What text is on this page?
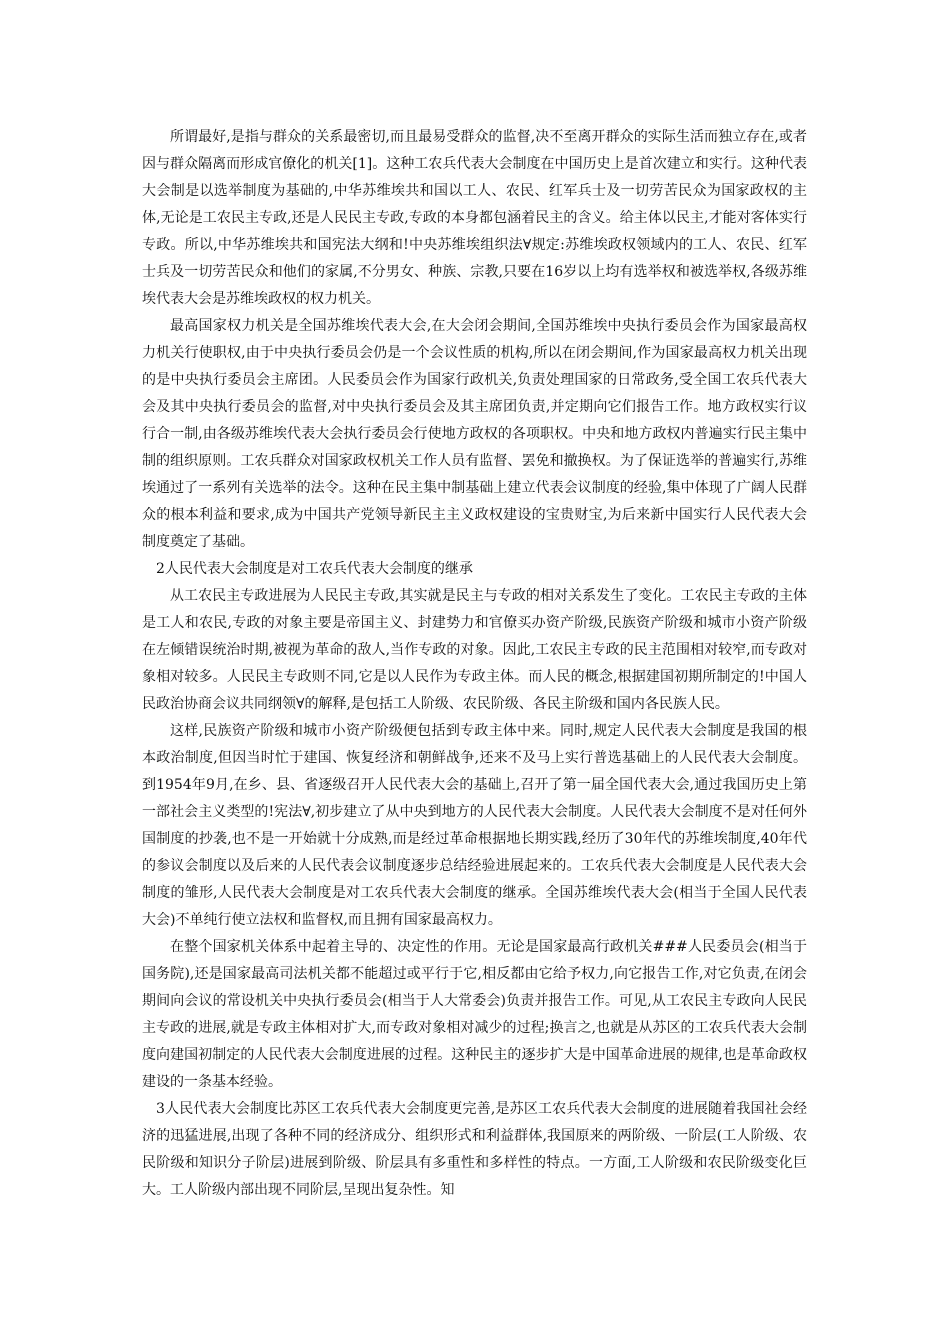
所谓最好,是指与群众的关系最密切,而且最易受群众的监督,决不至离开群众的实际生活而独立存在,或者因与群众隔离而形成官僚化的机关[1]。这种工农兵代表大会制度在中国历史上是首次建立和实行。这种代表大会制是以选举制度为基础的,中华苏维埃共和国以工人、农民、红军兵士及一切劳苦民众为国家政权的主体,无论是工农民主专政,还是人民民主专政,专政的本身都包涵着民主的含义。给主体以民主,才能对客体实行专政。所以,中华苏维埃共和国宪法大纲和!中央苏维埃组织法∀规定:苏维埃政权领域内的工人、农民、红军士兵及一切劳苦民众和他们的家属,不分男女、种族、宗教,只要在16岁以上均有选举权和被选举权,各级苏维埃代表大会是苏维埃政权的权力机关。

最高国家权力机关是全国苏维埃代表大会,在大会闭会期间,全国苏维埃中央执行委员会作为国家最高权力机关行使职权,由于中央执行委员会仍是一个会议性质的机构,所以在闭会期间,作为国家最高权力机关出现的是中央执行委员会主席团。人民委员会作为国家行政机关,负责处理国家的日常政务,受全国工农兵代表大会及其中央执行委员会的监督,对中央执行委员会及其主席团负责,并定期向它们报告工作。地方政权实行议行合一制,由各级苏维埃代表大会执行委员会行使地方政权的各项职权。中央和地方政权内普遍实行民主集中制的组织原则。工农兵群众对国家政权机关工作人员有监督、罢免和撤换权。为了保证选举的普遍实行,苏维埃通过了一系列有关选举的法令。这种在民主集中制基础上建立代表会议制度的经验,集中体现了广阔人民群众的根本利益和要求,成为中国共产党领导新民主主义政权建设的宝贵财宝,为后来新中国实行人民代表大会制度奠定了基础。

2人民代表大会制度是对工农兵代表大会制度的继承

从工农民主专政进展为人民民主专政,其实就是民主与专政的相对关系发生了变化。工农民主专政的主体是工人和农民,专政的对象主要是帝国主义、封建势力和官僚买办资产阶级,民族资产阶级和城市小资产阶级在左倾错误统治时期,被视为革命的敌人,当作专政的对象。因此,工农民主专政的民主范围相对较窄,而专政对象相对较多。人民民主专政则不同,它是以人民作为专政主体。而人民的概念,根据建国初期所制定的!中国人民政治协商会议共同纲领∀的解释,是包括工人阶级、农民阶级、各民主阶级和国内各民族人民。

这样,民族资产阶级和城市小资产阶级便包括到专政主体中来。同时,规定人民代表大会制度是我国的根本政治制度,但因当时忙于建国、恢复经济和朝鲜战争,还来不及马上实行普选基础上的人民代表大会制度。到1954年9月,在乡、县、省逐级召开人民代表大会的基础上,召开了第一届全国代表大会,通过我国历史上第一部社会主义类型的!宪法∀,初步建立了从中央到地方的人民代表大会制度。人民代表大会制度不是对任何外国制度的抄袭,也不是一开始就十分成熟,而是经过革命根据地长期实践,经历了30年代的苏维埃制度,40年代的参议会制度以及后来的人民代表会议制度逐步总结经验进展起来的。工农兵代表大会制度是人民代表大会制度的雏形,人民代表大会制度是对工农兵代表大会制度的继承。全国苏维埃代表大会(相当于全国人民代表大会)不单纯行使立法权和监督权,而且拥有国家最高权力。

在整个国家机关体系中起着主导的、决定性的作用。无论是国家最高行政机关###人民委员会(相当于国务院),还是国家最高司法机关都不能超过或平行于它,相反都由它给予权力,向它报告工作,对它负责,在闭会期间向会议的常设机关中央执行委员会(相当于人大常委会)负责并报告工作。可见,从工农民主专政向人民民主专政的进展,就是专政主体相对扩大,而专政对象相对减少的过程;换言之,也就是从苏区的工农兵代表大会制度向建国初制定的人民代表大会制度进展的过程。这种民主的逐步扩大是中国革命进展的规律,也是革命政权建设的一条基本经验。

3人民代表大会制度比苏区工农兵代表大会制度更完善,是苏区工农兵代表大会制度的进展随着我国社会经济的迅猛进展,出现了各种不同的经济成分、组织形式和利益群体,我国原来的两阶级、一阶层(工人阶级、农民阶级和知识分子阶层)进展到阶级、阶层具有多重性和多样性的特点。一方面,工人阶级和农民阶级变化巨大。工人阶级内部出现不同阶层,呈现出复杂性。知
